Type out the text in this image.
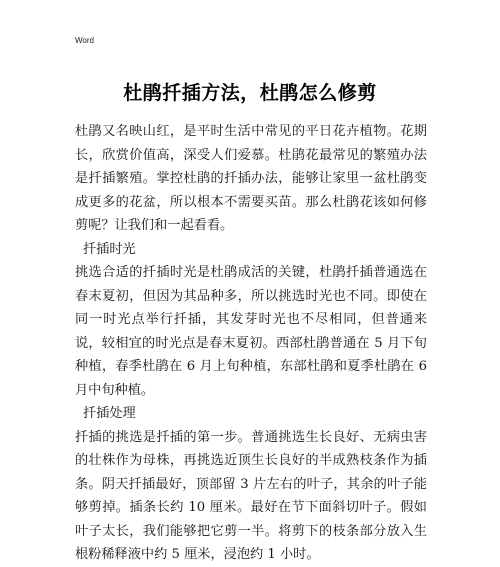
Word
杜鹃扦插方法，杜鹃怎么修剪

杜鹃又名映山红，是平时生活中常见的平日花卉植物。花期长，欣赏价值高，深受人们爱慕。杜鹃花最常见的繁殖办法是扦插繁殖。掌控杜鹃的扦插办法，能够让家里一盆杜鹃变成更多的花盆，所以根本不需要买苗。那么杜鹃花该如何修剪呢？让我们和一起看看。

扦插时光

挑选合适的扦插时光是杜鹃成活的关键，杜鹃扦插普通选在春末夏初，但因为其品种多，所以挑选时光也不同。即使在同一时光点举行扦插，其发芽时光也不尽相同，但普通来说，较相宜的时光点是春末夏初。西部杜鹃普通在 5 月下旬种植，春季杜鹃在 6 月上旬种植，东部杜鹃和夏季杜鹃在 6 月中旬种植。

扦插处理

扦插的挑选是扦插的第一步。普通挑选生长良好、无病虫害的壮株作为母株，再挑选近顶生长良好的半成熟枝条作为插条。阴天扦插最好，顶部留 3 片左右的叶子，其余的叶子能够剪掉。插条长约 10 厘米。最好在节下面斜切叶子。假如叶子太长，我们能够把它剪一半。将剪下的枝条部分放入生根粉稀释液中约 5 厘米，浸泡约 1 小时。
